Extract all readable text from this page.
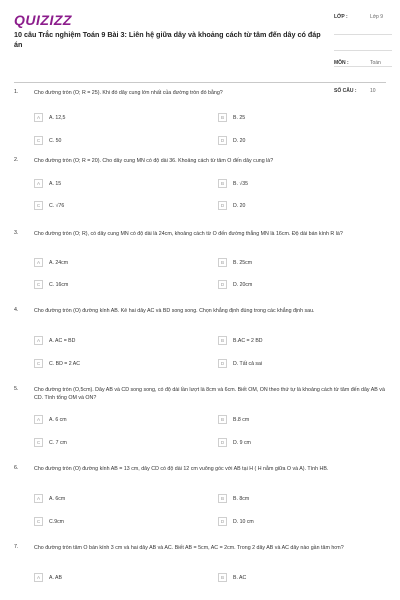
QUIZIZZ
10 câu Trắc nghiệm Toán 9 Bài 3: Liên hệ giữa dây và khoảng cách từ tâm đến dây có đáp án
LỚP :	Lớp 9
MÔN :	Toán
SỐ CÂU :	10
1.	Cho đường tròn (O; R = 25). Khi đó dây cung lớn nhất của đường tròn đó bằng?
A	A. 12,5	B	B. 25
C	C. 50	D	D. 20
2.	Cho đường tròn (O; R = 20). Cho dây cung MN có độ dài 36. Khoảng cách từ tâm O đến dây cung là?
A	A. 15	B	B. √35
C	C. √76	D	D. 20
3.	Cho đường tròn (O; R), có dây cung MN có độ dài là 24cm, khoảng cách từ O đến đường thẳng MN là 16cm. Độ dài bán kính R là?
A	A. 24cm	B	B. 25cm
C	C. 16cm	D	D. 20cm
4.	Cho đường tròn (O) đường kính AB. Kẻ hai dây AC và BD song song. Chọn khẳng định đúng trong các khẳng định sau.
A	A. AC = BD	B	B.AC = 2 BD
C	C. BD = 2 AC	D	D. Tất cả sai
5.	Cho đường tròn (O,5cm). Dây AB và CD song song, có độ dài lần lượt là 8cm và 6cm. Biết OM, ON theo thứ tự là khoảng cách từ tâm đến dây AB và CD. Tính tổng OM và ON?
A	A. 6 cm	B	B.8 cm
C	C. 7 cm	D	D. 9 cm
6.	Cho đường tròn (O) đường kính AB = 13 cm, dây CD có độ dài 12 cm vuông góc với AB tại H ( H nằm giữa O và A). Tính HB.
A	A. 6cm	B	B. 8cm
C	C.9cm	D	D. 10 cm
7.	Cho đường tròn tâm O bán kính 3 cm và hai dây AB và AC. Biết AB = 5cm, AC = 2cm. Trong 2 dây AB và AC dây nào gần tâm hơn?
A	A. AB	B	B. AC
